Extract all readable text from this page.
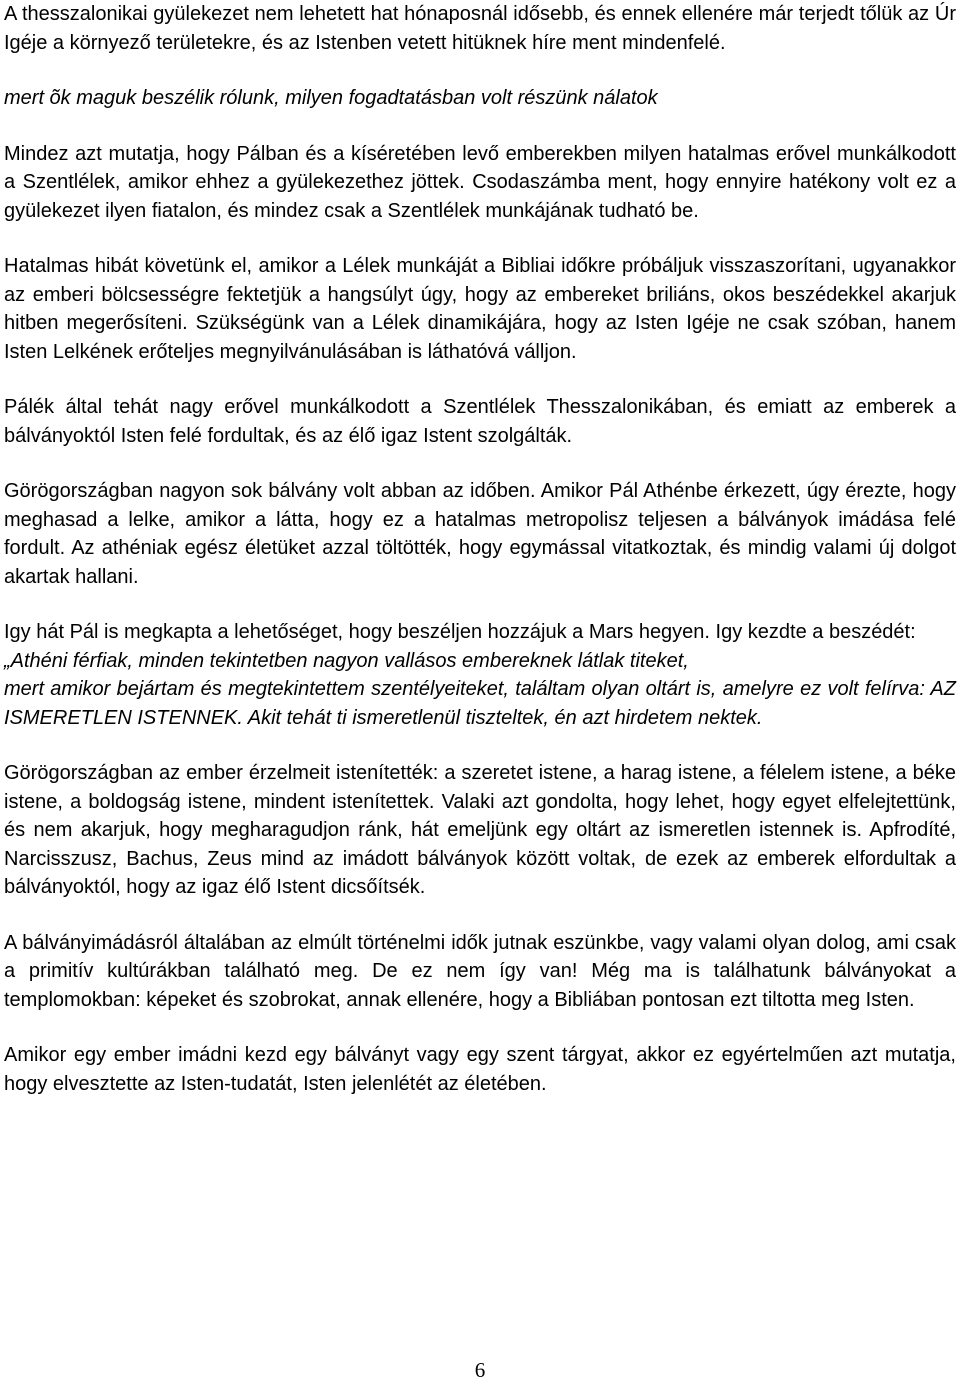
A thesszalonikai gyülekezet nem lehetett hat hónaposnál idősebb, és ennek ellenére már terjedt tőlük az Úr Igéje a környező területekre, és az Istenben vetett hitüknek híre ment mindenfelé.

mert õk maguk beszélik rólunk, milyen fogadtatásban volt részünk nálatok

Mindez azt mutatja, hogy Pálban és a kíséretében levő emberekben milyen hatalmas erővel munkálkodott a Szentlélek, amikor ehhez a gyülekezethez jöttek. Csodaszámba ment, hogy ennyire hatékony volt ez a gyülekezet ilyen fiatalon, és mindez csak a Szentlélek munkájának tudható be.

Hatalmas hibát követünk el, amikor a Lélek munkáját a Bibliai időkre próbáljuk visszaszorítani, ugyanakkor az emberi bölcsességre fektetjük a hangsúlyt úgy, hogy az embereket briliáns, okos beszédekkel akarjuk hitben megerősíteni. Szükségünk van a Lélek dinamikájára, hogy az Isten Igéje ne csak szóban, hanem Isten Lelkének erőteljes megnyilvánulásában is láthatóvá válljon.

Pálék által tehát nagy erővel munkálkodott a Szentlélek Thesszalonikában, és emiatt az emberek a bálványoktól Isten felé fordultak, és az élő igaz Istent szolgálták.

Görögországban nagyon sok bálvány volt abban az időben. Amikor Pál Athénbe érkezett, úgy érezte, hogy meghasad a lelke, amikor a látta, hogy ez a hatalmas metropolisz teljesen a bálványok imádása felé fordult. Az athéniak egész életüket azzal töltötték, hogy egymással vitatkoztak, és mindig valami új dolgot akartak hallani.

Igy hát Pál is megkapta a lehetőséget, hogy beszéljen hozzájuk a Mars hegyen. Igy kezdte a beszédét:

„Athéni férfiak, minden tekintetben nagyon vallásos embereknek látlak titeket,

mert amikor bejártam és megtekintettem szentélyeiteket, találtam olyan oltárt is, amelyre ez volt felírva: AZ ISMERETLEN ISTENNEK. Akit tehát ti ismeretlenül tiszteltek, én azt hirdetem nektek.

Görögországban az ember érzelmeit istenítették: a szeretet istene, a harag istene, a félelem istene, a béke istene, a boldogság istene, mindent istenítettek. Valaki azt gondolta, hogy lehet, hogy egyet elfelejtettünk, és nem akarjuk, hogy megharagudjon ránk, hát emeljünk egy oltárt az ismeretlen istennek is. Apfrodíté, Narcisszusz, Bachus, Zeus mind az imádott bálványok között voltak, de ezek az emberek elfordultak a bálványoktól, hogy az igaz élő Istent dicsőítsék.

A bálványimádásról általában az elmúlt történelmi idők jutnak eszünkbe, vagy valami olyan dolog, ami csak a primitív kultúrákban található meg. De ez nem így van! Még ma is találhatunk bálványokat a templomokban: képeket és szobrokat, annak ellenére, hogy a Bibliában pontosan ezt tiltotta meg Isten.

Amikor egy ember imádni kezd egy bálványt vagy egy szent tárgyat, akkor ez egyértelműen azt mutatja, hogy elvesztette az Isten-tudatát, Isten jelenlétét az életében.

6
